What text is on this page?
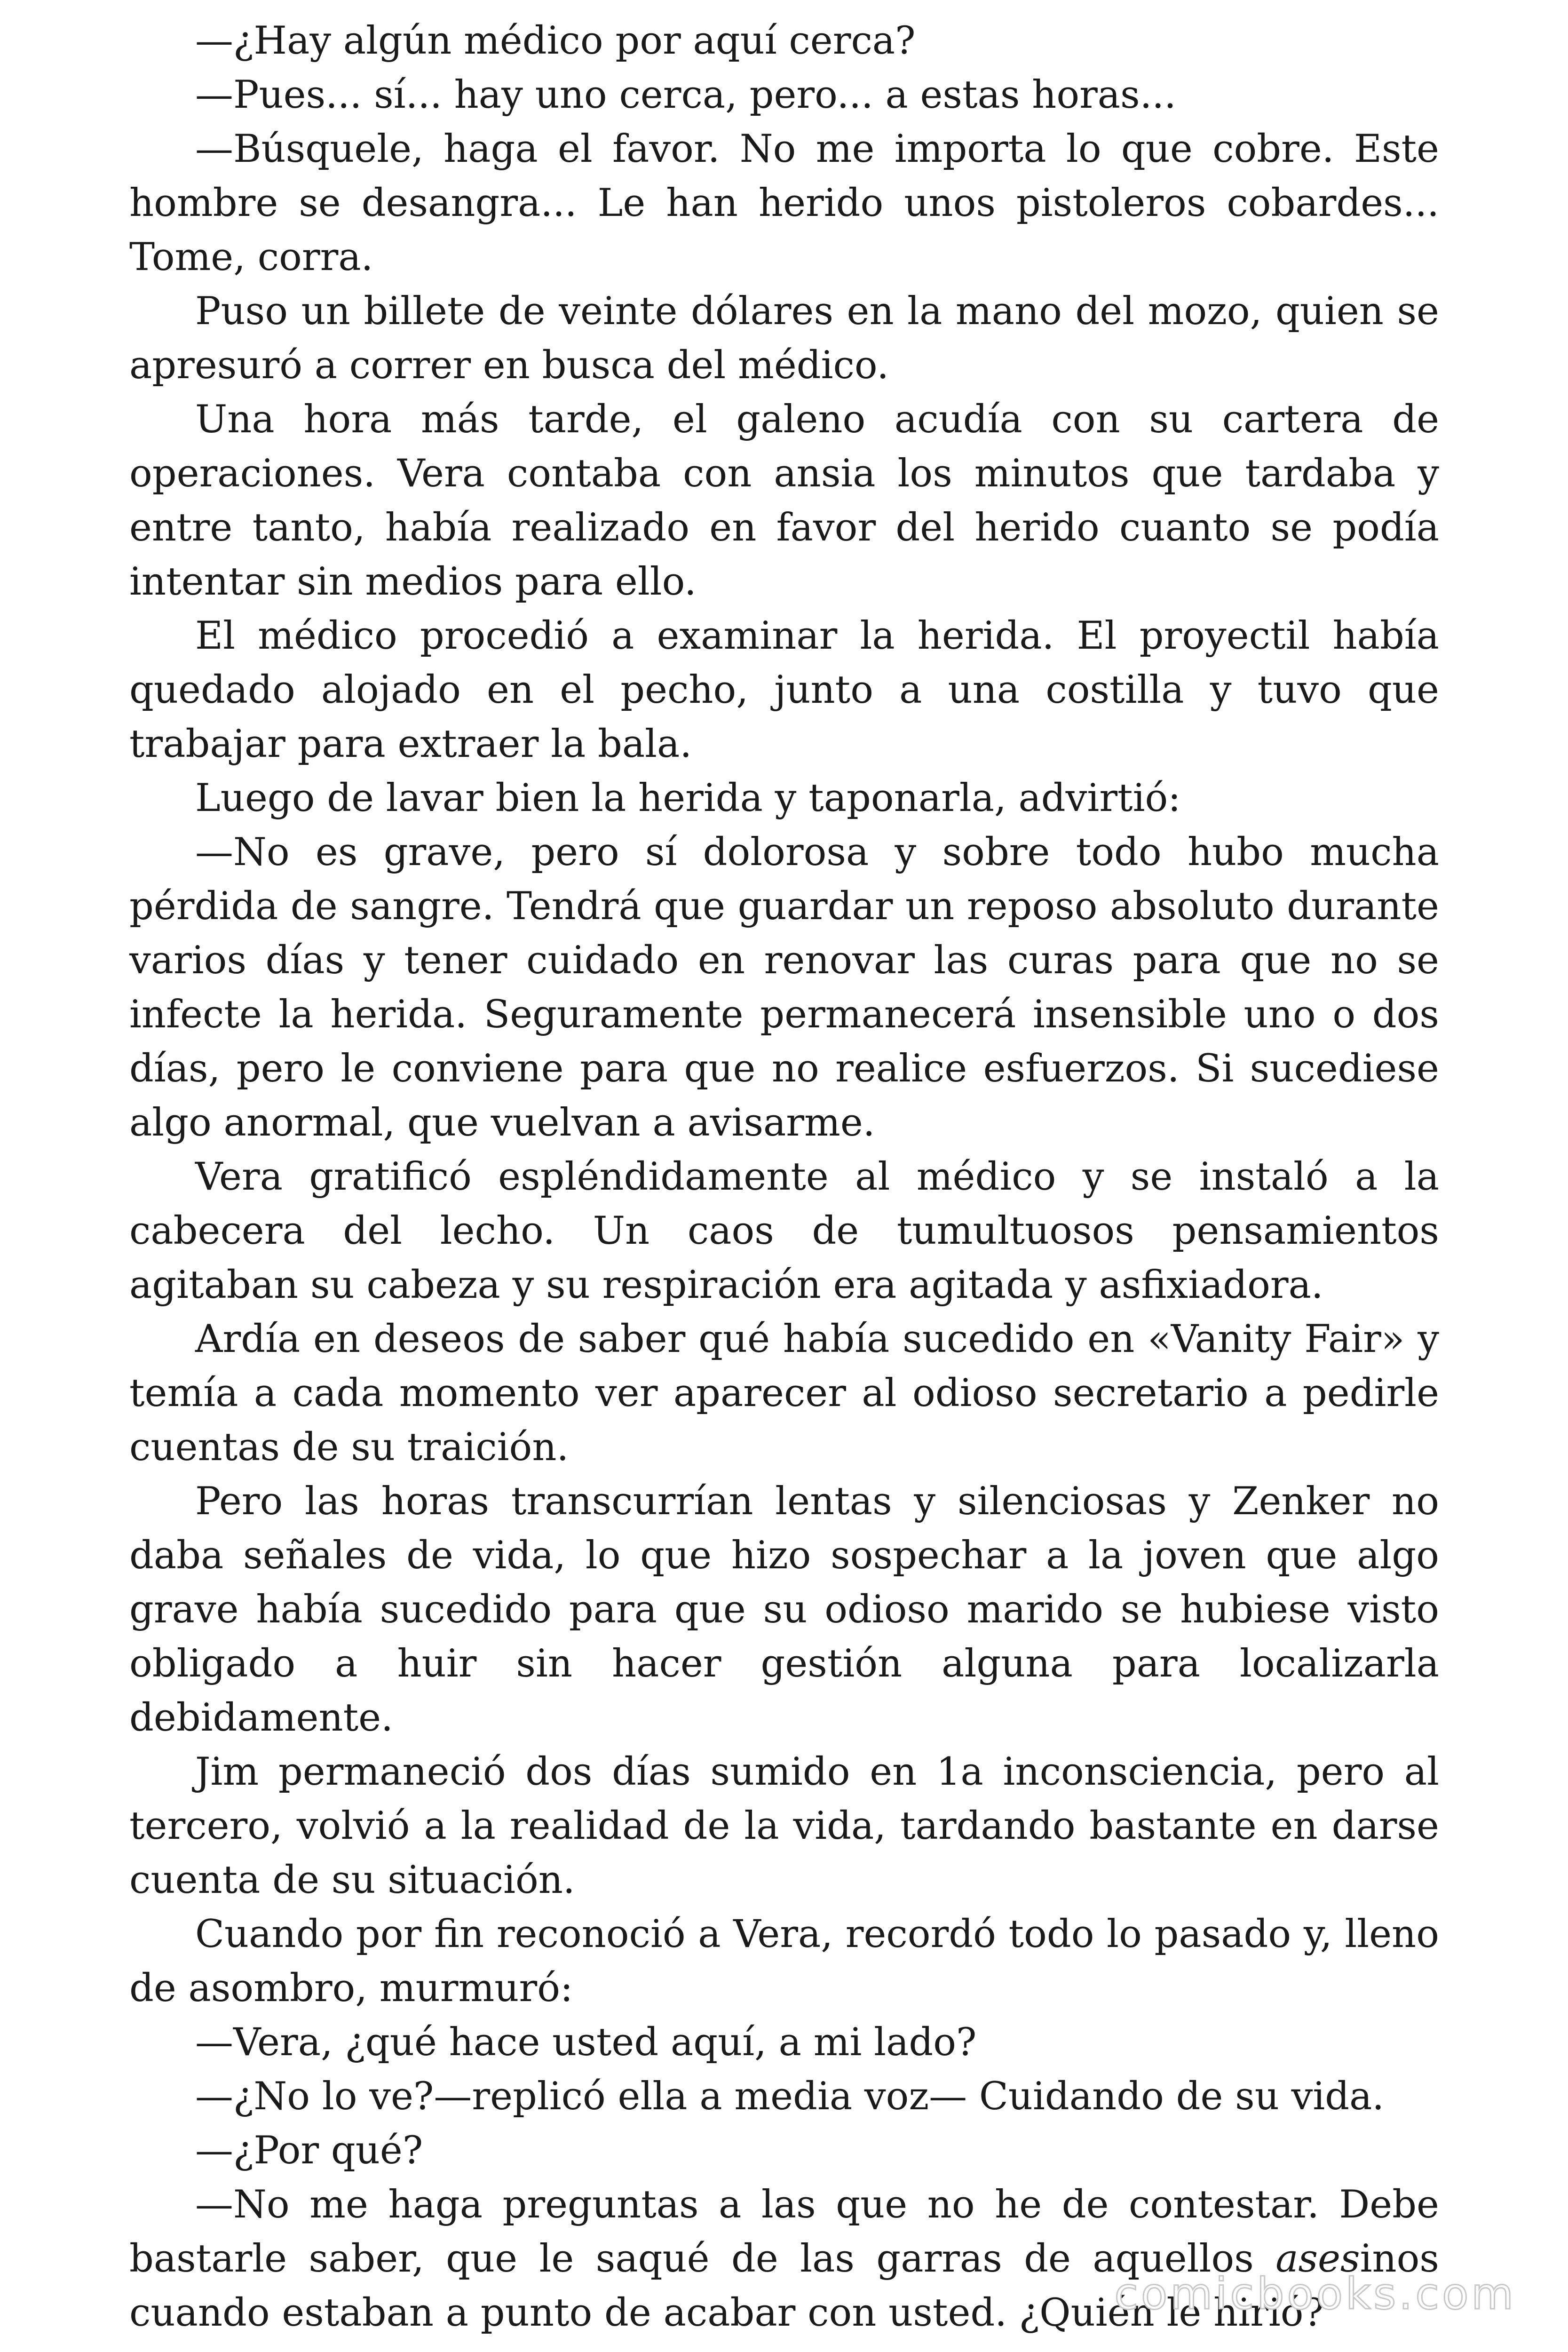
—¿Hay algún médico por aquí cerca?

—Pues... sí... hay uno cerca, pero... a estas horas...

—Búsquele, haga el favor. No me importa lo que cobre. Este hombre se desangra... Le han herido unos pistoleros cobardes... Tome, corra.

Puso un billete de veinte dólares en la mano del mozo, quien se apresuró a correr en busca del médico.

Una hora más tarde, el galeno acudía con su cartera de operaciones. Vera contaba con ansia los minutos que tardaba y entre tanto, había realizado en favor del herido cuanto se podía intentar sin medios para ello.

El médico procedió a examinar la herida. El proyectil había quedado alojado en el pecho, junto a una costilla y tuvo que trabajar para extraer la bala.

Luego de lavar bien la herida y taponarla, advirtió:

—No es grave, pero sí dolorosa y sobre todo hubo mucha pérdida de sangre. Tendrá que guardar un reposo absoluto durante varios días y tener cuidado en renovar las curas para que no se infecte la herida. Seguramente permanecerá insensible uno o dos días, pero le conviene para que no realice esfuerzos. Si sucediese algo anormal, que vuelvan a avisarme.

Vera gratificó espléndidamente al médico y se instaló a la cabecera del lecho. Un caos de tumultuosos pensamientos agitaban su cabeza y su respiración era agitada y asfixiadora.

Ardía en deseos de saber qué había sucedido en «Vanity Fair» y temía a cada momento ver aparecer al odioso secretario a pedirle cuentas de su traición.

Pero las horas transcurrían lentas y silenciosas y Zenker no daba señales de vida, lo que hizo sospechar a la joven que algo grave había sucedido para que su odioso marido se hubiese visto obligado a huir sin hacer gestión alguna para localizarla debidamente.

Jim permaneció dos días sumido en 1a inconsciencia, pero al tercero, volvió a la realidad de la vida, tardando bastante en darse cuenta de su situación.

Cuando por fin reconoció a Vera, recordó todo lo pasado y, lleno de asombro, murmuró:

—Vera, ¿qué hace usted aquí, a mi lado?

—¿No lo ve?—replicó ella a media voz— Cuidando de su vida.

—¿Por qué?

—No me haga preguntas a las que no he de contestar. Debe bastarle saber, que le saqué de las garras de aquellos asesinos cuando estaban a punto de acabar con usted. ¿Quién le hirió?

comicbooks.com
